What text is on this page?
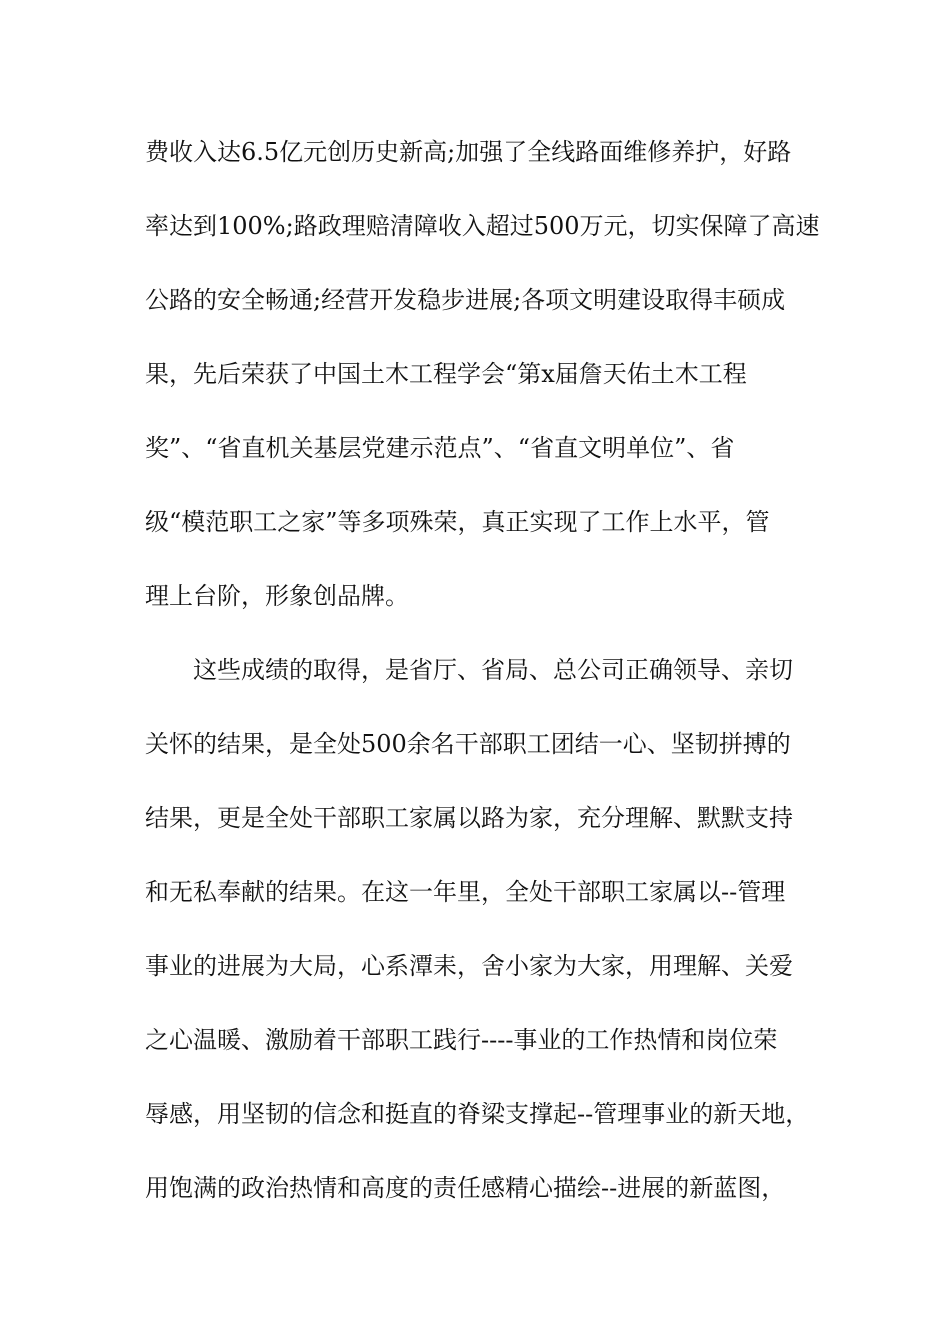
费收入达6.5亿元创历史新高;加强了全线路面维修养护，好路
率达到100%;路政理赔清障收入超过500万元，切实保障了高速
公路的安全畅通;经营开发稳步进展;各项文明建设取得丰硕成
果，先后荣获了中国土木工程学会“第x届詹天佑土木工程
奖”、“省直机关基层党建示范点”、“省直文明单位”、省
级“模范职工之家”等多项殊荣，真正实现了工作上水平，管
理上台阶，形象创品牌。
这些成绩的取得，是省厅、省局、总公司正确领导、亲切
关怀的结果，是全处500余名干部职工团结一心、坚韧拼搏的
结果，更是全处干部职工家属以路为家，充分理解、默默支持
和无私奉献的结果。在这一年里，全处干部职工家属以--管理
事业的进展为大局，心系潭耒，舍小家为大家，用理解、关爱
之心温暖、激励着干部职工践行----事业的工作热情和岗位荣
辱感，用坚韧的信念和挺直的脊梁支撑起--管理事业的新天地，
用饱满的政治热情和高度的责任感精心描绘--进展的新蓝图，
